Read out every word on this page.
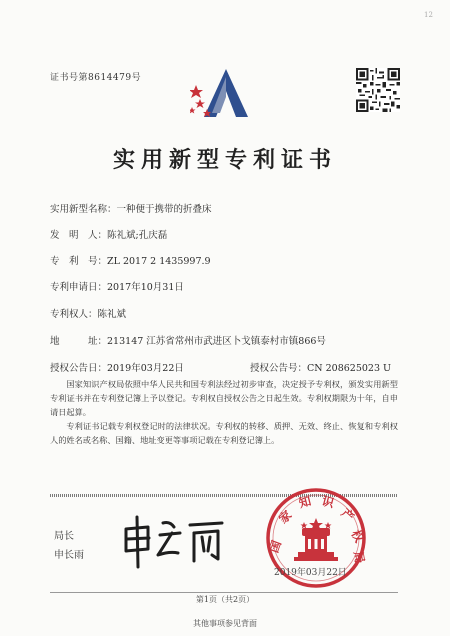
12
证书号第8614479号
实用新型专利证书
实用新型名称：一种便于携带的折叠床
发　明　人：陈礼斌;孔庆磊
专　利　号：ZL 2017 2 1435997.9
专利申请日：2017年10月31日
专利权人：陈礼斌
地　　　址：213147 江苏省常州市武进区卜戈镇泰村市镇866号
授权公告日：2019年03月22日	授权公告号：CN 208625023 U

国家知识产权局依照中华人民共和国专利法经过初步审查，决定授予专利权，颁发实用新型专利证书并在专利登记簿上予以登记。专利权自授权公告之日起生效。专利权期限为十年，自申请日起算。

专利证书记载专利权登记时的法律状况。专利权的转移、质押、无效、终止、恢复和专利权人的姓名或名称、国籍、地址变更等事项记载在专利登记簿上。

局长
申长雨
国
家
知 识
产
权
局
2019年03月22日
第1页（共2页）
其他事项参见背面
